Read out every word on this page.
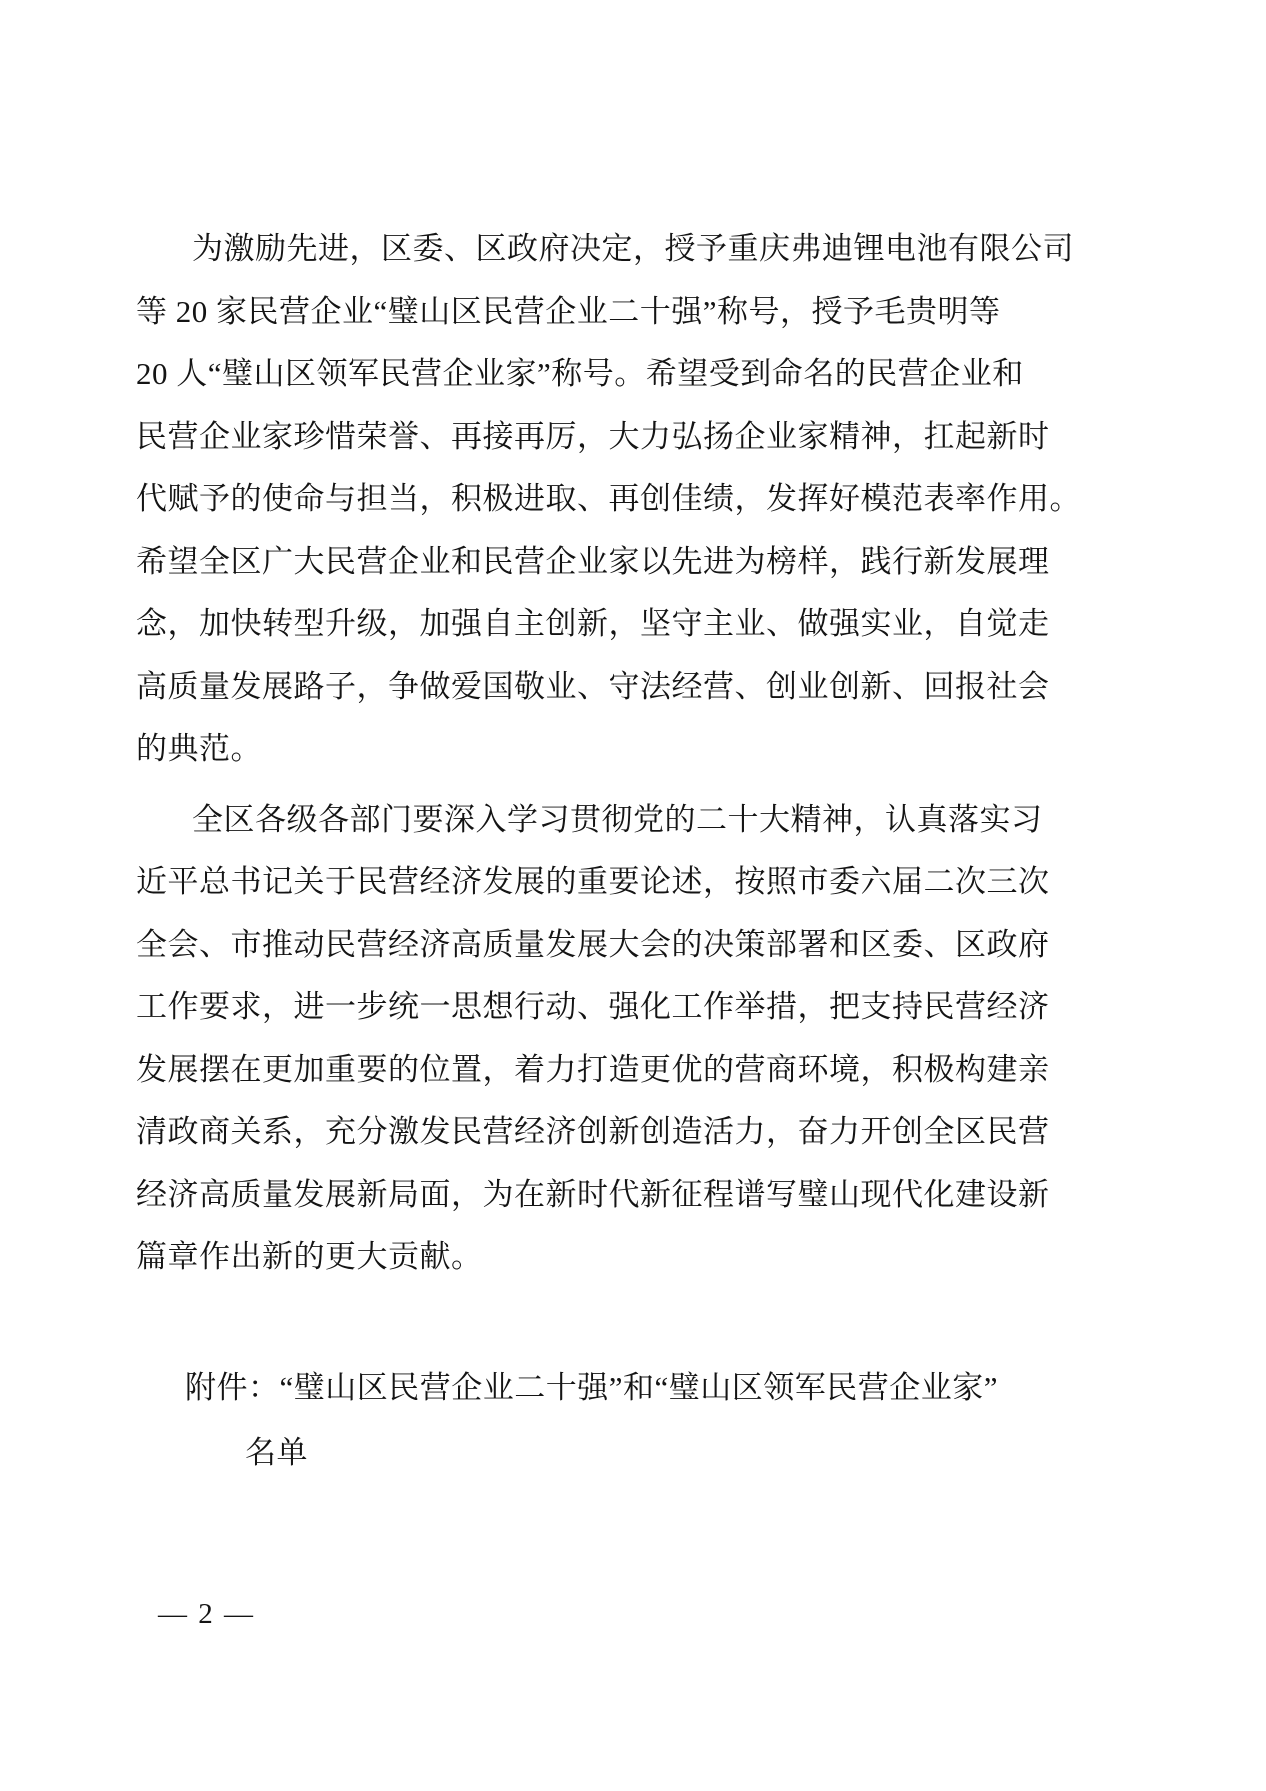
为激励先进，区委、区政府决定，授予重庆弗迪锂电池有限公司
等 20 家民营企业“璧山区民营企业二十强”称号，授予毛贵明等
20 人“璧山区领军民营企业家”称号。希望受到命名的民营企业和
民营企业家珍惜荣誉、再接再厉，大力弘扬企业家精神，扛起新时
代赋予的使命与担当，积极进取、再创佳绩，发挥好模范表率作用。
希望全区广大民营企业和民营企业家以先进为榜样，践行新发展理
念，加快转型升级，加强自主创新，坚守主业、做强实业，自觉走
高质量发展路子，争做爱国敬业、守法经营、创业创新、回报社会
的典范。
全区各级各部门要深入学习贯彻党的二十大精神，认真落实习
近平总书记关于民营经济发展的重要论述，按照市委六届二次三次
全会、市推动民营经济高质量发展大会的决策部署和区委、区政府
工作要求，进一步统一思想行动、强化工作举措，把支持民营经济
发展摆在更加重要的位置，着力打造更优的营商环境，积极构建亲
清政商关系，充分激发民营经济创新创造活力，奋力开创全区民营
经济高质量发展新局面，为在新时代新征程谱写璧山现代化建设新
篇章作出新的更大贡献。
附件：“璧山区民营企业二十强”和“璧山区领军民营企业家”
名单
— 2 —
